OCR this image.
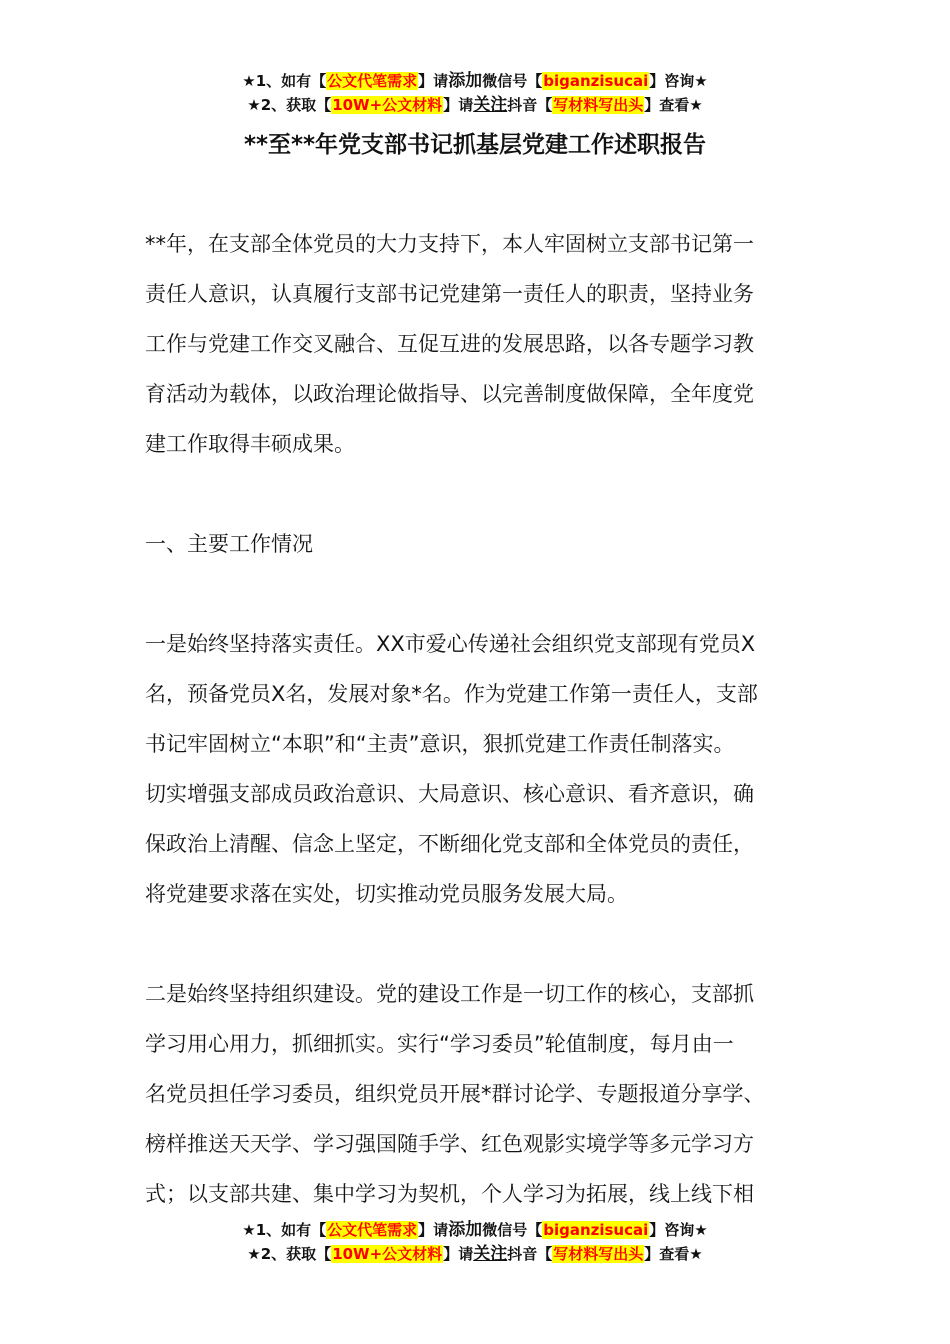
★1、如有【公文代笔需求】请添加微信号【biganzisucai】咨询★
★2、获取【10W+公文材料】请关注抖音【写材料写出头】查看★
**至**年党支部书记抓基层党建工作述职报告
**年，在支部全体党员的大力支持下，本人牢固树立支部书记第一
责任人意识，认真履行支部书记党建第一责任人的职责，坚持业务
工作与党建工作交叉融合、互促互进的发展思路，以各专题学习教
育活动为载体，以政治理论做指导、以完善制度做保障，全年度党
建工作取得丰硕成果。
一、主要工作情况
一是始终坚持落实责任。XX市爱心传递社会组织党支部现有党员X
名，预备党员X名，发展对象*名。作为党建工作第一责任人，支部
书记牢固树立“本职”和“主责”意识，狠抓党建工作责任制落实。
切实增强支部成员政治意识、大局意识、核心意识、看齐意识，确
保政治上清醒、信念上坚定，不断细化党支部和全体党员的责任，
将党建要求落在实处，切实推动党员服务发展大局。
二是始终坚持组织建设。党的建设工作是一切工作的核心，支部抓
学习用心用力，抓细抓实。实行“学习委员”轮值制度，每月由一
名党员担任学习委员，组织党员开展*群讨论学、专题报道分享学、
榜样推送天天学、学习强国随手学、红色观影实境学等多元学习方
式；以支部共建、集中学习为契机，个人学习为拓展，线上线下相
★1、如有【公文代笔需求】请添加微信号【biganzisucai】咨询★
★2、获取【10W+公文材料】请关注抖音【写材料写出头】查看★
